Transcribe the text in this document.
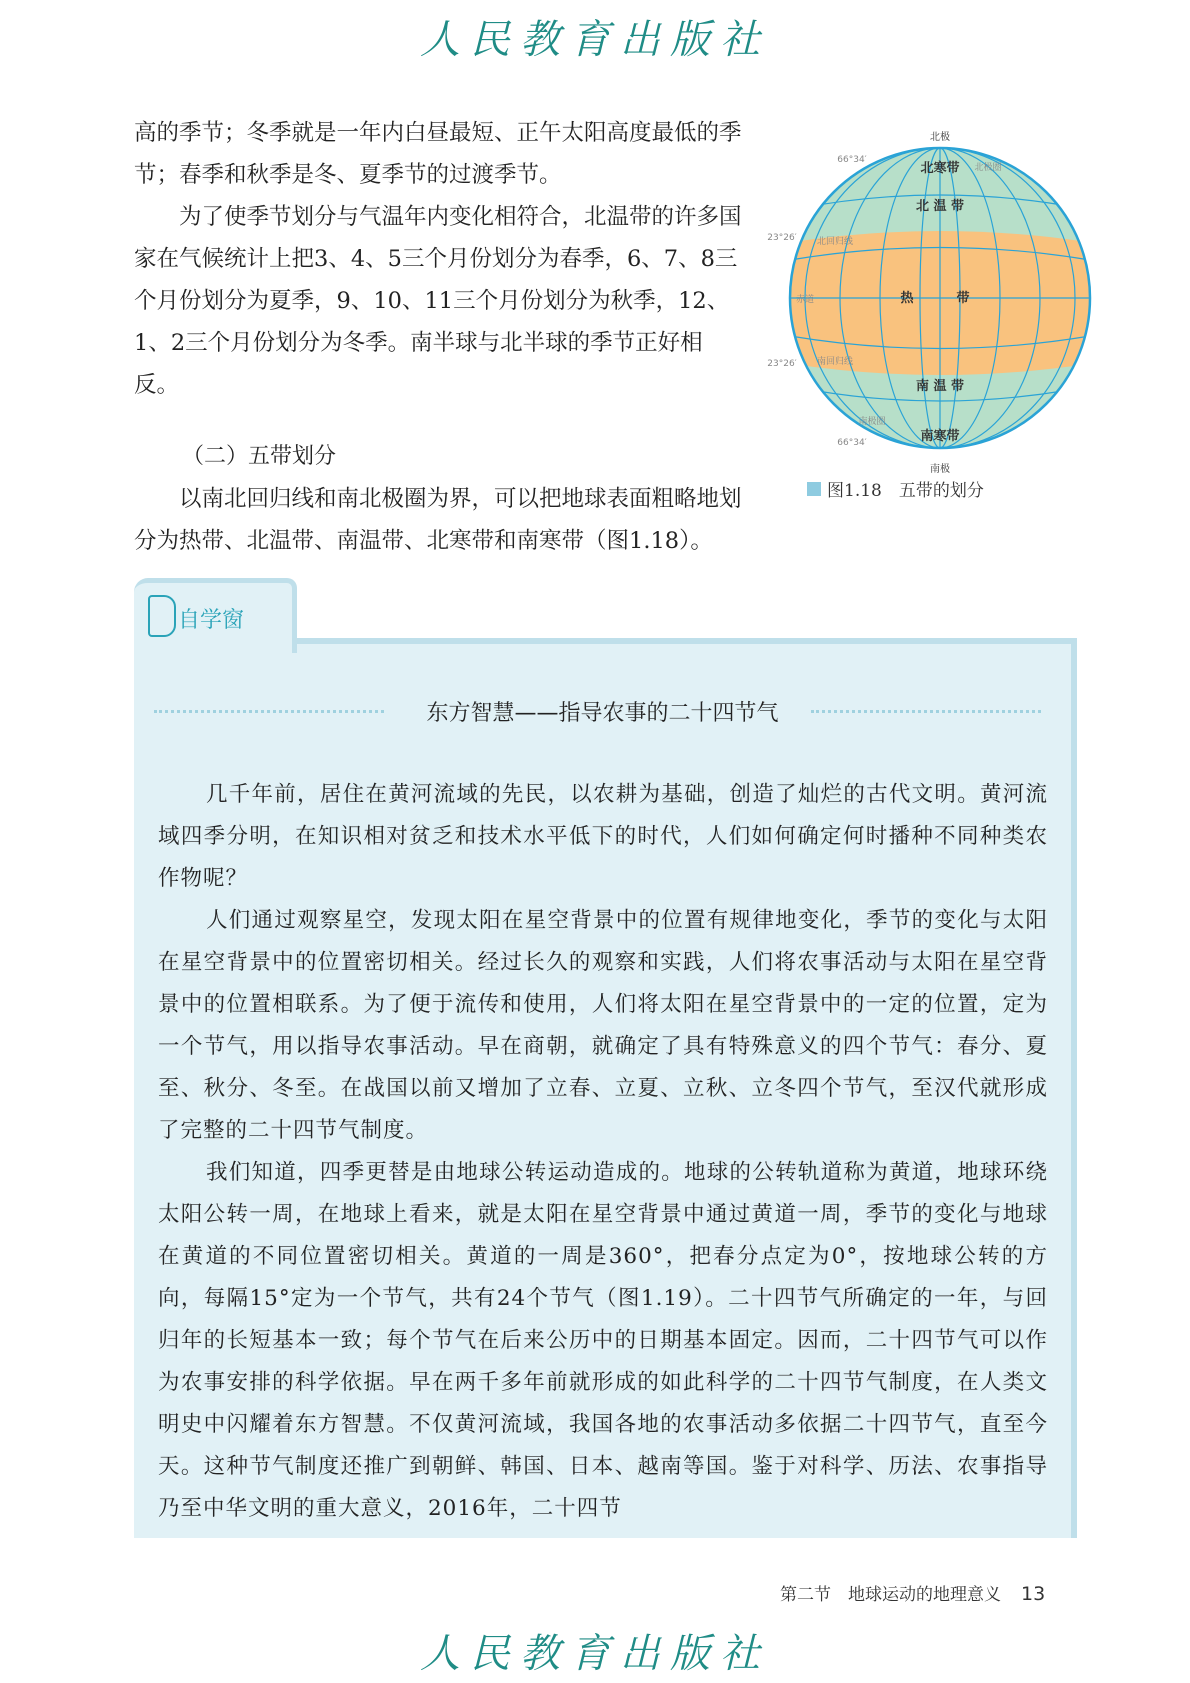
人民教育出版社

高的季节；冬季就是一年内白昼最短、正午太阳高度最低的季节；春季和秋季是冬、夏季节的过渡季节。

为了使季节划分与气温年内变化相符合，北温带的许多国家在气候统计上把3、4、5三个月份划分为春季，6、7、8三个月份划分为夏季，9、10、11三个月份划分为秋季，12、1、2三个月份划分为冬季。南半球与北半球的季节正好相反。

（二）五带划分

以南北回归线和南北极圈为界，可以把地球表面粗略地划分为热带、北温带、南温带、北寒带和南寒带（图1.18）。

北极
南极
北寒带
北 温 带
热	带
南 温 带
南寒带
66°34′
23°26′
23°26′
66°34′
北极圈
北回归线
赤道
南回归线
南极圈
图1.18　五带的划分
东方智慧——指导农事的二十四节气

几千年前，居住在黄河流域的先民，以农耕为基础，创造了灿烂的古代文明。黄河流域四季分明，在知识相对贫乏和技术水平低下的时代，人们如何确定何时播种不同种类农作物呢？

人们通过观察星空，发现太阳在星空背景中的位置有规律地变化，季节的变化与太阳在星空背景中的位置密切相关。经过长久的观察和实践，人们将农事活动与太阳在星空背景中的位置相联系。为了便于流传和使用，人们将太阳在星空背景中的一定的位置，定为一个节气，用以指导农事活动。早在商朝，就确定了具有特殊意义的四个节气：春分、夏至、秋分、冬至。在战国以前又增加了立春、立夏、立秋、立冬四个节气，至汉代就形成了完整的二十四节气制度。

我们知道，四季更替是由地球公转运动造成的。地球的公转轨道称为黄道，地球环绕太阳公转一周，在地球上看来，就是太阳在星空背景中通过黄道一周，季节的变化与地球在黄道的不同位置密切相关。黄道的一周是360°，把春分点定为0°，按地球公转的方向，每隔15°定为一个节气，共有24个节气（图1.19）。二十四节气所确定的一年，与回归年的长短基本一致；每个节气在后来公历中的日期基本固定。因而，二十四节气可以作为农事安排的科学依据。早在两千多年前就形成的如此科学的二十四节气制度，在人类文明史中闪耀着东方智慧。不仅黄河流域，我国各地的农事活动多依据二十四节气，直至今天。这种节气制度还推广到朝鲜、韩国、日本、越南等国。鉴于对科学、历法、农事指导乃至中华文明的重大意义，2016年，二十四节

自学窗
第二节　地球运动的地理意义 13
人民教育出版社
